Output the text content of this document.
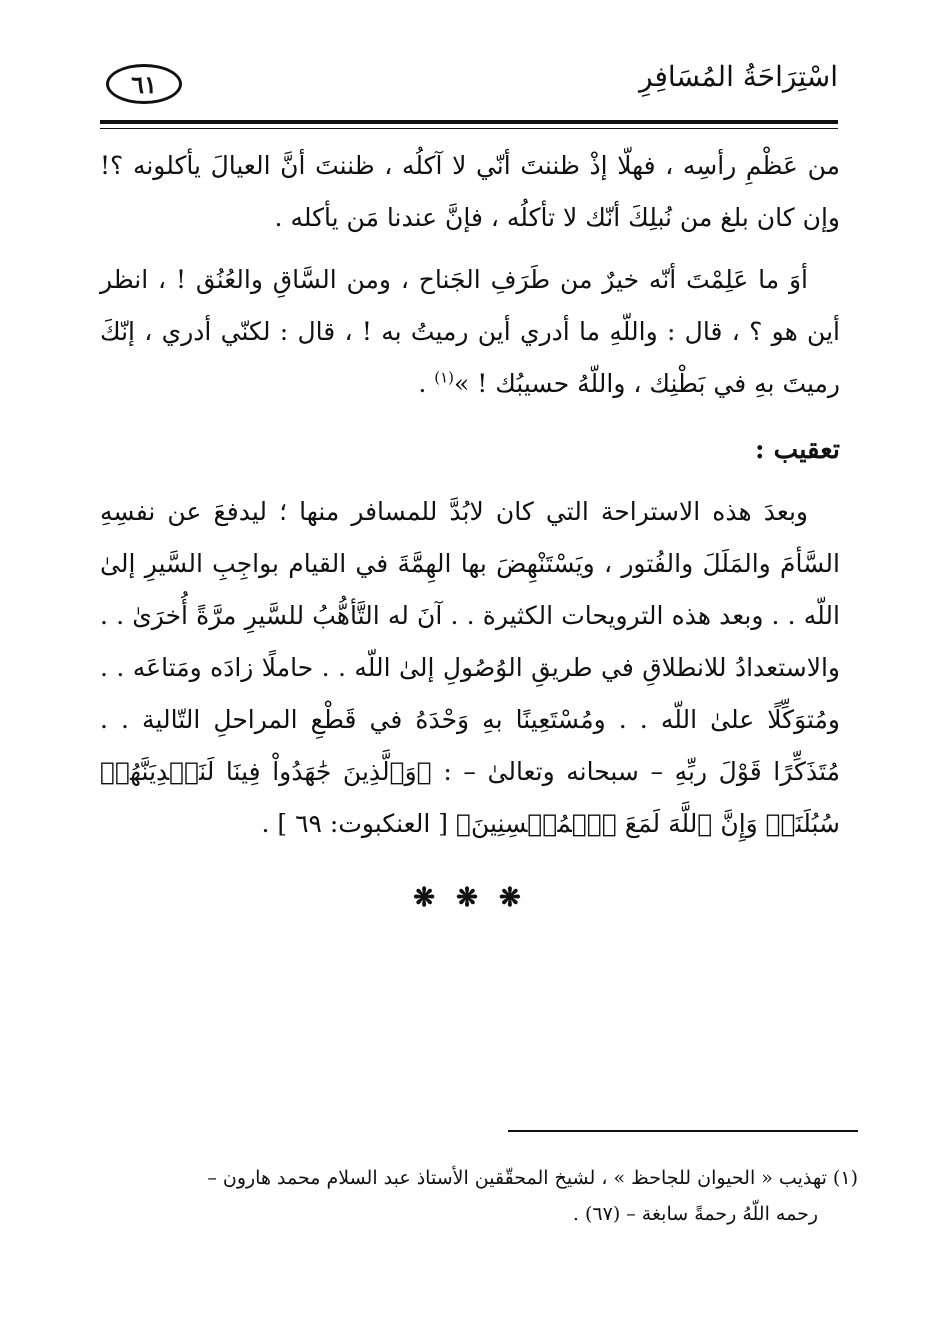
اسْتِرَاحَةُ المُسَافِرِ
٦١

من عَظْمِ رأسِه ، فهلّا إذْ ظننتَ أنّي لا آكلُه ، ظننتَ أنَّ العيالَ يأكلونه ؟! وإن كان بلغ من نُبلِكَ أنّك لا تأكلُه ، فإنَّ عندنا مَن يأكله .

أوَ ما عَلِمْتَ أنّه خيرٌ من طَرَفِ الجَناح ، ومن السَّاقِ والعُنُق ! ، انظر أين هو ؟ ، قال : واللّهِ ما أدري أين رميتُ به ! ، قال : لكنّي أدري ، إنّكَ رميتَ بهِ في بَطْنِك ، واللّهُ حسيبُك ! »$^{(١)}$ .

تعقيب :

وبعدَ هذه الاستراحة التي كان لابُدَّ للمسافر منها ؛ ليدفعَ عن نفسِهِ السَّأمَ والمَلَلَ والفُتور ، ويَسْتَنْهِضَ بها الهِمَّةَ في القيام بواجِبِ السَّيرِ إلىٰ اللّه . . وبعد هذه الترويحات الكثيرة . . آنَ له التَّأهُّبُ للسَّيرِ مرَّةً أُخرَىٰ . . والاستعدادُ للانطلاقِ في طريقِ الوُصُولِ إلىٰ اللّه . . حاملًا زادَه ومَتاعَه . . ومُتوَكِّلًا علىٰ اللّه . . ومُسْتَعِينًا بهِ وَحْدَهُ في قَطْعِ المراحلِ التّالية . . مُتَذَكِّرًا قَوْلَ ربِّهِ – سبحانه وتعالىٰ – : ﴿وَٱلَّذِينَ جَٰهَدُواْ فِينَا لَنَهۡدِيَنَّهُمۡ سُبُلَنَاۚ وَإِنَّ ٱللَّهَ لَمَعَ ٱلۡمُحۡسِنِينَ﴾ [ العنكبوت: ٦٩ ] .

❋ ❋ ❋

(١) تهذيب « الحيوان للجاحظ » ، لشيخ المحقّقين الأستاذ عبد السلام محمد هارون –

رحمه اللّهُ رحمةً سابغة – (٦٧) .
